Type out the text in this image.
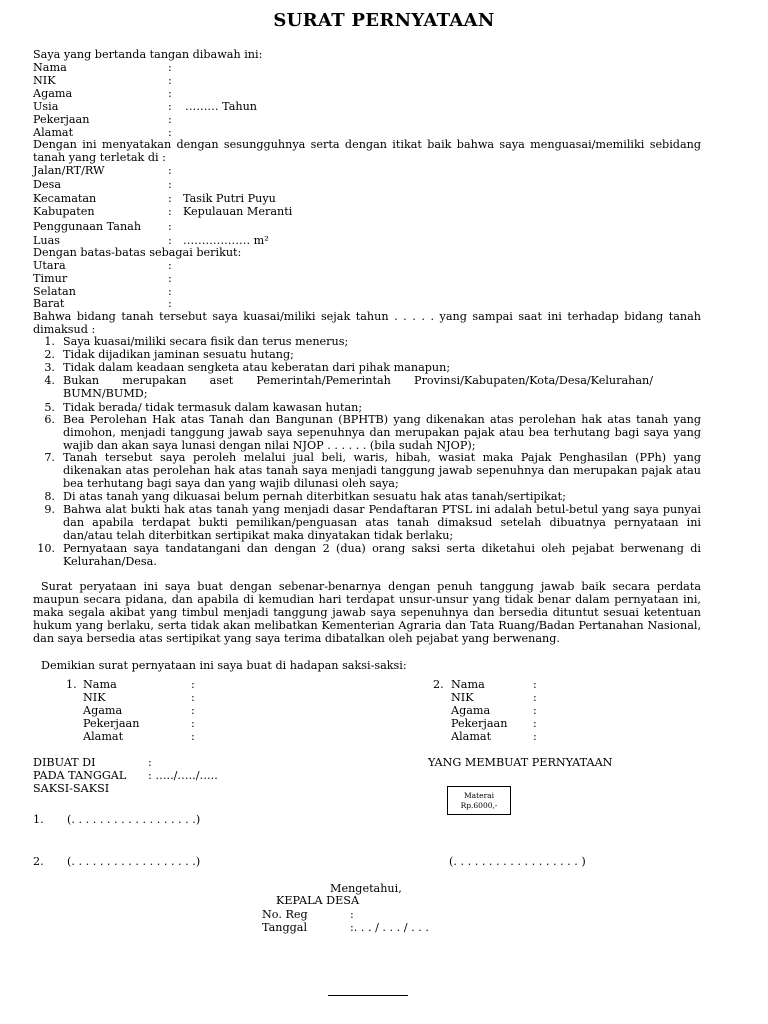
SURAT PERNYATAAN
Saya yang bertanda tangan dibawah ini:
Nama	:
NIK	:
Agama	:
Usia	: ……… Tahun
Pekerjaan	:
Alamat	:
Dengan ini menyatakan dengan sesungguhnya serta dengan itikat baik bahwa saya menguasai/memiliki sebidang tanah yang terletak di :
Jalan/RT/RW	:
Desa	:
Kecamatan	: Tasik Putri Puyu
Kabupaten	: Kepulauan Meranti
Penggunaan Tanah :
Luas	: ……………… m²
Dengan batas-batas sebagai berikut:
Utara	:
Timur	:
Selatan	:
Barat	:
Bahwa bidang tanah tersebut saya kuasai/miliki sejak tahun . . . . . yang sampai saat ini terhadap bidang tanah dimaksud :
1. Saya kuasai/miliki secara fisik dan terus menerus;
2. Tidak dijadikan jaminan sesuatu hutang;
3. Tidak dalam keadaan sengketa atau keberatan dari pihak manapun;
4. Bukan merupakan aset Pemerintah/Pemerintah Provinsi/Kabupaten/Kota/Desa/Kelurahan/ BUMN/BUMD;
5. Tidak berada/ tidak termasuk dalam kawasan hutan;
6. Bea Perolehan Hak atas Tanah dan Bangunan (BPHTB) yang dikenakan atas perolehan hak atas tanah yang dimohon, menjadi tanggung jawab saya sepenuhnya dan merupakan pajak atau bea terhutang bagi saya yang wajib dan akan saya lunasi dengan nilai NJOP . . . . . . (bila sudah NJOP);
7. Tanah tersebut saya peroleh melalui jual beli, waris, hibah, wasiat maka Pajak Penghasilan (PPh) yang dikenakan atas perolehan hak atas tanah saya menjadi tanggung jawab sepenuhnya dan merupakan pajak atau bea terhutang bagi saya dan yang wajib dilunasi oleh saya;
8. Di atas tanah yang dikuasai belum pernah diterbitkan sesuatu hak atas tanah/sertipikat;
9. Bahwa alat bukti hak atas tanah yang menjadi dasar Pendaftaran PTSL ini adalah betul-betul yang saya punyai dan apabila terdapat bukti pemilikan/penguasan atas tanah dimaksud setelah dibuatnya pernyataan ini dan/atau telah diterbitkan sertipikat maka dinyatakan tidak berlaku;
10. Pernyataan saya tandatangani dan dengan 2 (dua) orang saksi serta diketahui oleh pejabat berwenang di Kelurahan/Desa.
Surat peryataan ini saya buat dengan sebenar-benarnya dengan penuh tanggung jawab baik secara perdata maupun secara pidana, dan apabila di kemudian hari terdapat unsur-unsur yang tidak benar dalam pernyataan ini, maka segala akibat yang timbul menjadi tanggung jawab saya sepenuhnya dan bersedia dituntut sesuai ketentuan hukum yang berlaku, serta tidak akan melibatkan Kementerian Agraria dan Tata Ruang/Badan Pertanahan Nasional, dan saya bersedia atas sertipikat yang saya terima dibatalkan oleh pejabat yang berwenang.
Demikian surat pernyataan ini saya buat di hadapan saksi-saksi:
1. Nama	:
NIK	:
Agama	:
Pekerjaan	:
Alamat	:
2. Nama	:
NIK	:
Agama	:
Pekerjaan :
Alamat	:
DIBUAT DI	:
PADA TANGGAL : …../…../…..
SAKSI-SAKSI
YANG MEMBUAT PERNYATAAN
Materai
Rp.6000,-
1. (. . . . . . . . . . . . . . . . . .)
2. (. . . . . . . . . . . . . . . . . .)	(. . . . . . . . . . . . . . . . . . )
Mengetahui,
KEPALA DESA
No. Reg	:
Tanggal	:. . . / . . . / . . .
